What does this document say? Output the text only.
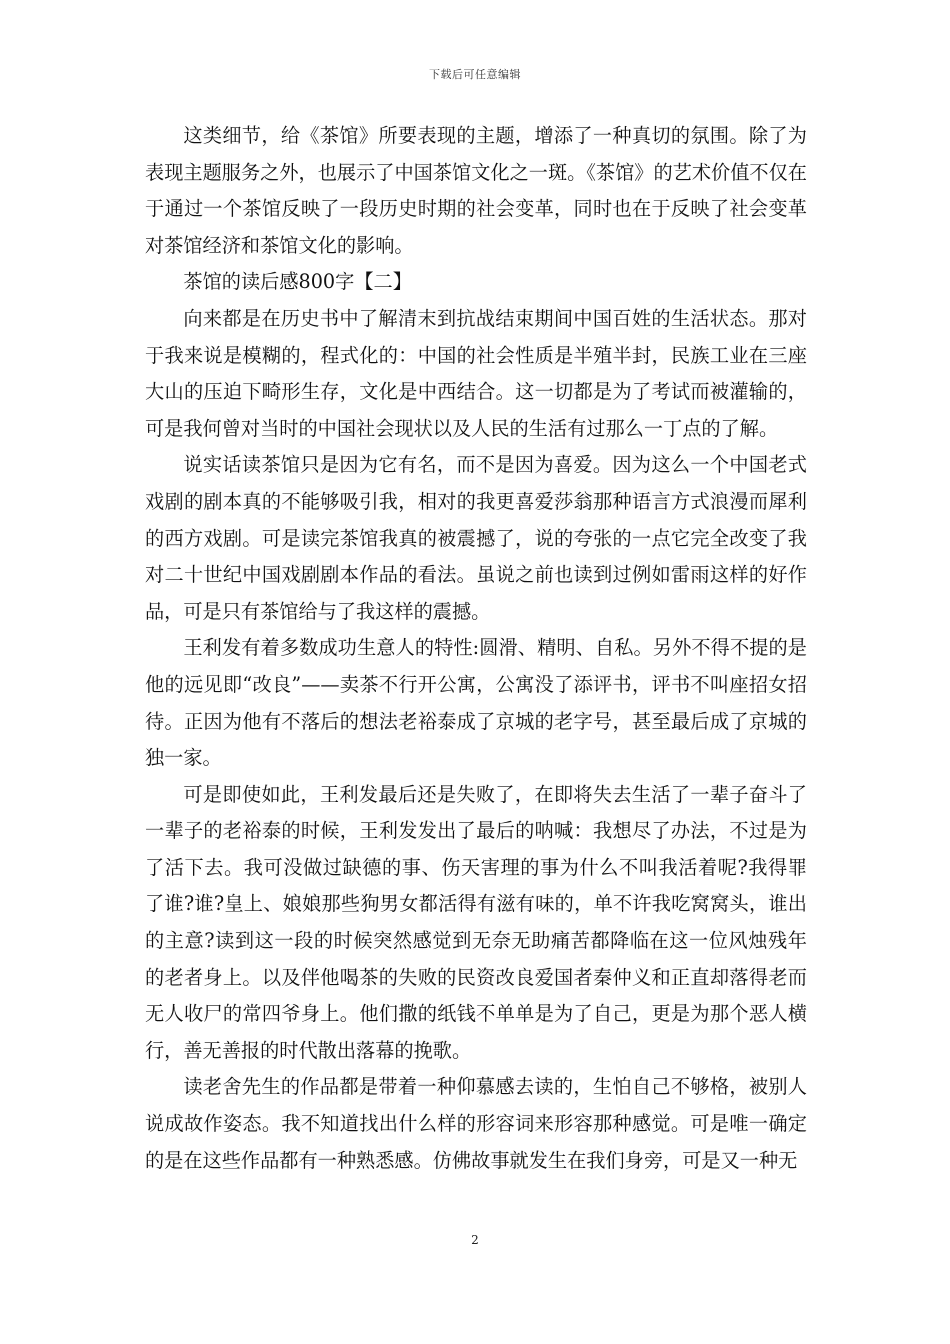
下载后可任意编辑

这类细节，给《茶馆》所要表现的主题，增添了一种真切的氛围。除了为表现主题服务之外，也展示了中国茶馆文化之一斑。《茶馆》的艺术价值不仅在于通过一个茶馆反映了一段历史时期的社会变革，同时也在于反映了社会变革对茶馆经济和茶馆文化的影响。

茶馆的读后感800字【二】

向来都是在历史书中了解清末到抗战结束期间中国百姓的生活状态。那对于我来说是模糊的，程式化的：中国的社会性质是半殖半封，民族工业在三座大山的压迫下畸形生存，文化是中西结合。这一切都是为了考试而被灌输的，可是我何曾对当时的中国社会现状以及人民的生活有过那么一丁点的了解。

说实话读茶馆只是因为它有名，而不是因为喜爱。因为这么一个中国老式戏剧的剧本真的不能够吸引我，相对的我更喜爱莎翁那种语言方式浪漫而犀利的西方戏剧。可是读完茶馆我真的被震撼了，说的夸张的一点它完全改变了我对二十世纪中国戏剧剧本作品的看法。虽说之前也读到过例如雷雨这样的好作品，可是只有茶馆给与了我这样的震撼。

王利发有着多数成功生意人的特性:圆滑、精明、自私。另外不得不提的是他的远见即“改良”——卖茶不行开公寓，公寓没了添评书，评书不叫座招女招待。正因为他有不落后的想法老裕泰成了京城的老字号，甚至最后成了京城的独一家。

可是即使如此，王利发最后还是失败了，在即将失去生活了一辈子奋斗了一辈子的老裕泰的时候，王利发发出了最后的呐喊：我想尽了办法，不过是为了活下去。我可没做过缺德的事、伤天害理的事为什么不叫我活着呢?我得罪了谁?谁?皇上、娘娘那些狗男女都活得有滋有味的，单不许我吃窝窝头，谁出的主意?读到这一段的时候突然感觉到无奈无助痛苦都降临在这一位风烛残年的老者身上。以及伴他喝茶的失败的民资改良爱国者秦仲义和正直却落得老而无人收尸的常四爷身上。他们撒的纸钱不单单是为了自己，更是为那个恶人横行，善无善报的时代散出落幕的挽歌。

读老舍先生的作品都是带着一种仰慕感去读的，生怕自己不够格，被别人说成故作姿态。我不知道找出什么样的形容词来形容那种感觉。可是唯一确定的是在这些作品都有一种熟悉感。仿佛故事就发生在我们身旁，可是又一种无

2
